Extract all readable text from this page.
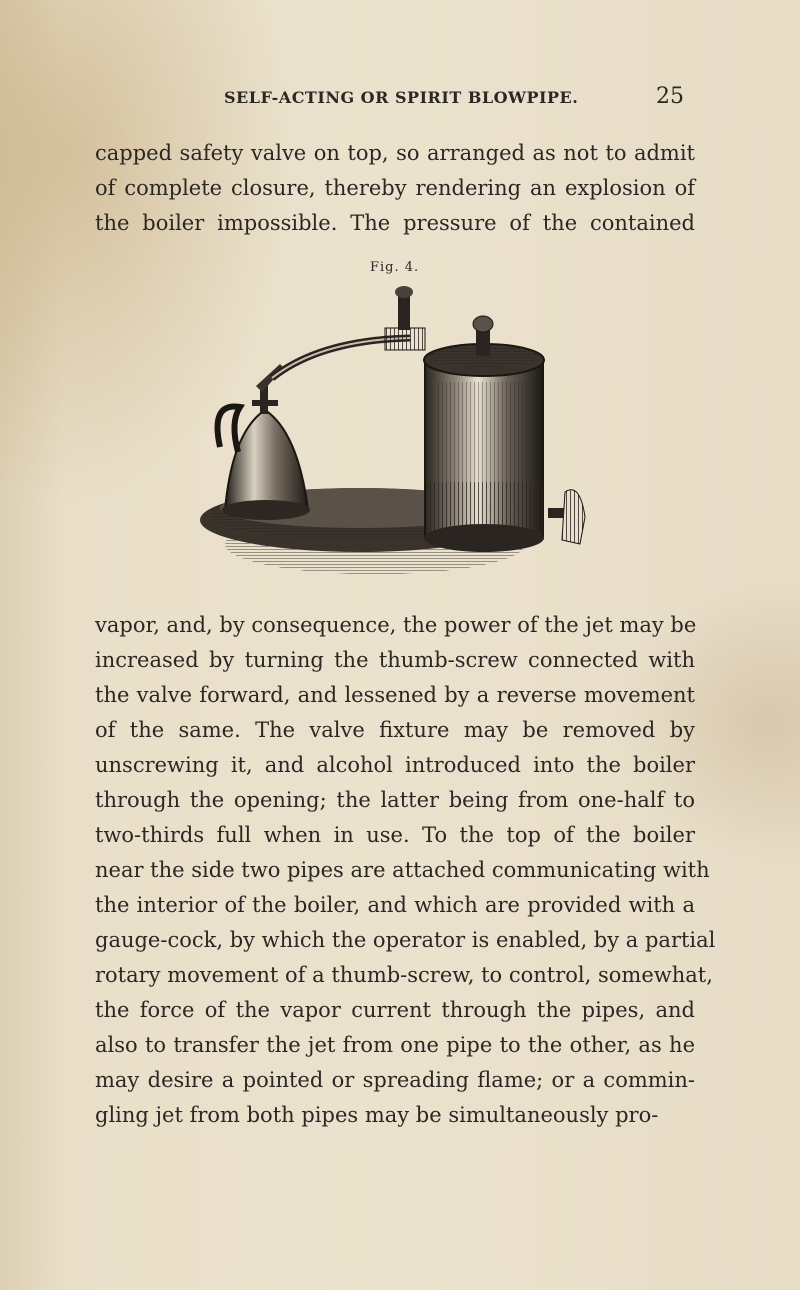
SELF-ACTING OR SPIRIT BLOWPIPE.	25
capped safety valve on top, so arranged as not to admit
of complete closure, thereby rendering an explosion of
the boiler impossible. The pressure of the contained
Fig. 4.
vapor, and, by consequence, the power of the jet may be
increased by turning the thumb-screw connected with
the valve forward, and lessened by a reverse movement
of the same. The valve fixture may be removed by
unscrewing it, and alcohol introduced into the boiler
through the opening; the latter being from one-half to
two-thirds full when in use. To the top of the boiler
near the side two pipes are attached communicating with
the interior of the boiler, and which are provided with a
gauge-cock, by which the operator is enabled, by a partial
rotary movement of a thumb-screw, to control, somewhat,
the force of the vapor current through the pipes, and
also to transfer the jet from one pipe to the other, as he
may desire a pointed or spreading flame; or a commin-
gling jet from both pipes may be simultaneously pro-
